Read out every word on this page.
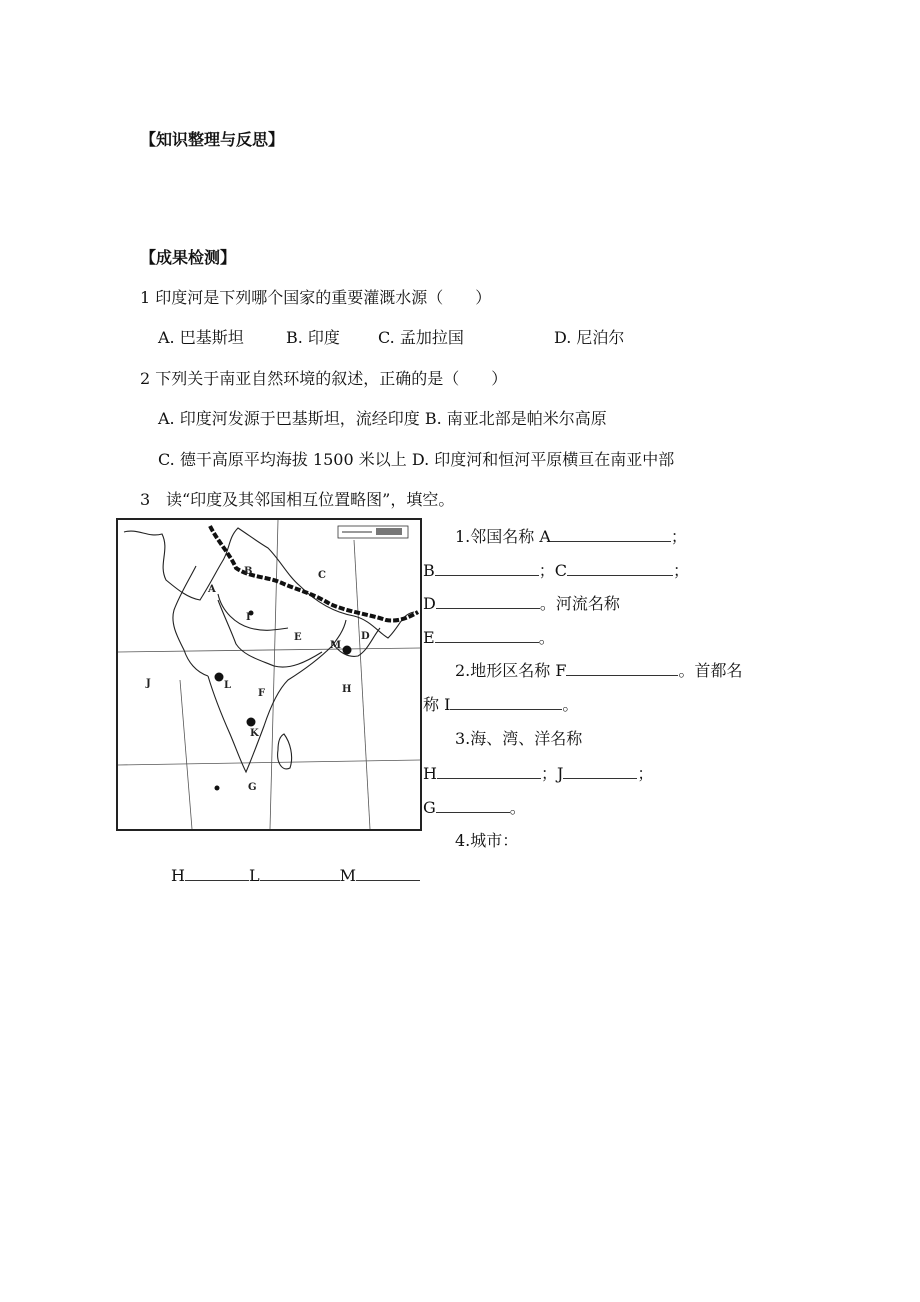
【知识整理与反思】
【成果检测】
1 印度河是下列哪个国家的重要灌溉水源（　　）
A. 巴基斯坦	B. 印度 C. 孟加拉国	D. 尼泊尔
2 下列关于南亚自然环境的叙述，正确的是（　　）
A. 印度河发源于巴基斯坦，流经印度 B. 南亚北部是帕米尔高原
C. 德干高原平均海拔 1500 米以上 D. 印度河和恒河平原横亘在南亚中部
3 读“印度及其邻国相互位置略图”，填空。
A
B	C
D
E
F
G
H
I
J
K
L
M
1.邻国名称 A	；
B	；C	；
D	。河流名称
E	。
2.地形区名称 F	。首都名
称 I	。
3.海、湾、洋名称
H	；J	；
G	。
4.城市：
H	L	M
